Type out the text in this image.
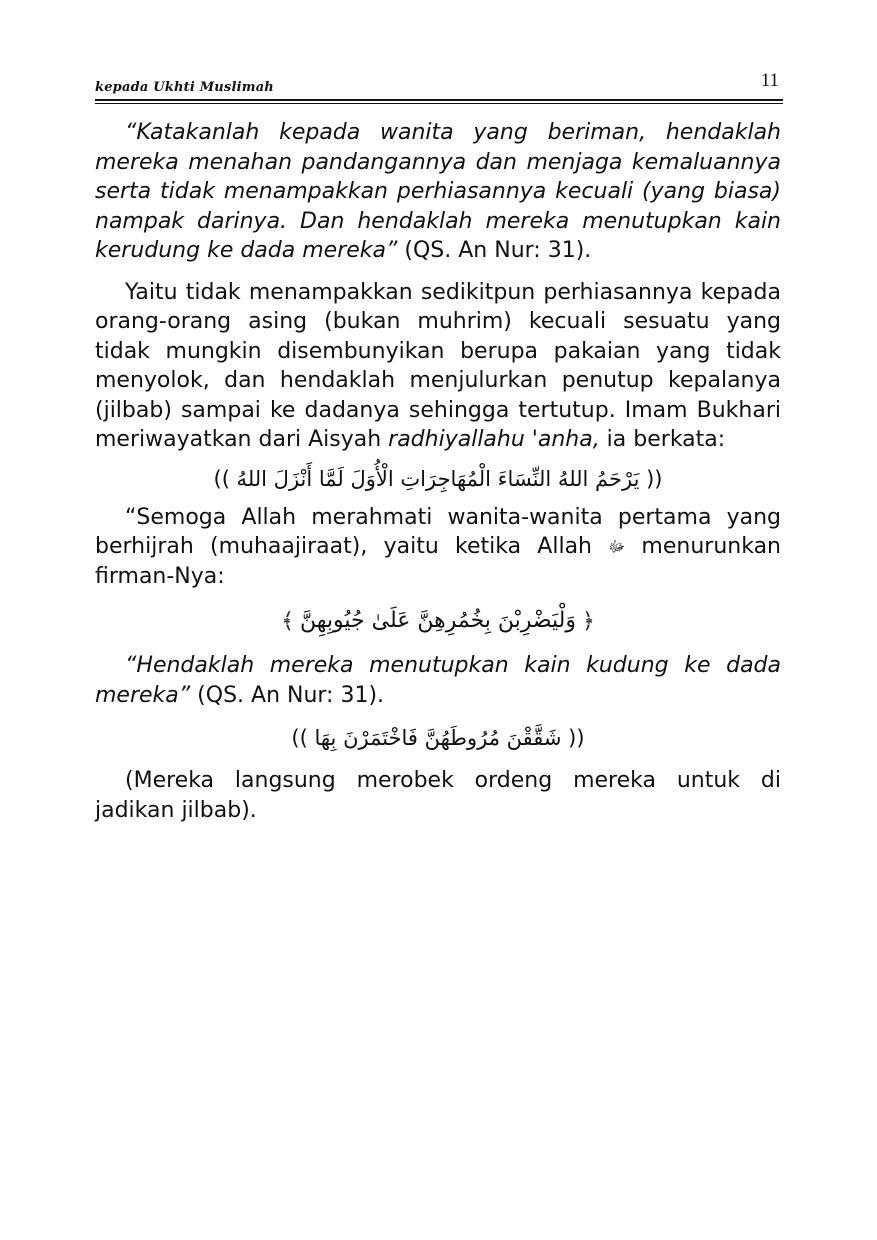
kepada Ukhti Muslimah	11

“Katakanlah kepada wanita yang beriman, hendaklah mereka menahan pandangannya dan menjaga kemaluannya serta tidak menampakkan perhiasannya kecuali (yang biasa) nampak darinya. Dan hendaklah mereka menutupkan kain kerudung ke dada mereka” (QS. An Nur: 31).

Yaitu tidak menampakkan sedikitpun perhiasannya kepada orang-orang asing (bukan muhrim) kecuali sesuatu yang tidak mungkin disembunyikan berupa pakaian yang tidak menyolok, dan hendaklah menjulurkan penutup kepalanya (jilbab) sampai ke dadanya sehingga tertutup. Imam Bukhari meriwayatkan dari Aisyah radhiyallahu 'anha, ia berkata:

(( يَرْحَمُ اللهُ النِّسَاءَ الْمُهَاجِرَاتِ الْأُوَلَ لَمَّا أَنْزَلَ اللهُ ))

“Semoga Allah merahmati wanita-wanita pertama yang berhijrah (muhaajiraat), yaitu ketika Allah ﷻ menurunkan firman-Nya:

﴾ وَلْيَضْرِبْنَ بِخُمُرِهِنَّ عَلَىٰ جُيُوبِهِنَّ ﴿

“Hendaklah mereka menutupkan kain kudung ke dada mereka” (QS. An Nur: 31).

(( شَقَّقْنَ مُرُوطَهُنَّ فَاخْتَمَرْنَ بِهَا ))

(Mereka langsung merobek ordeng mereka untuk di jadikan jilbab).
